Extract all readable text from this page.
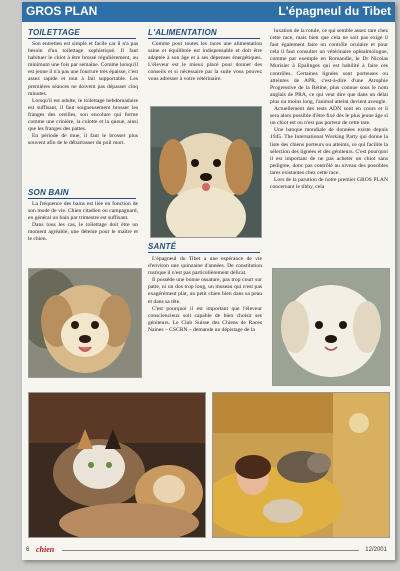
GROS PLAN	L'épagneul du Tibet
TOILETTAGE

Son entretien est simple et facile car il n'a pas besoin d'un toilettage sophistiqué. Il faut habituer le chiot à être brossé régulièrement, au minimum une fois par semaine. Comme lorsqu'il est jeune il n'a pas une fourrure très épaisse, c'est assez rapide et tout à fait supportable. Les premières séances ne doivent pas dépasser cinq minutes.

Lorsqu'il est adulte, le toilettage hebdomadaire est suffisant, il faut soigneusement brosser les franges des oreilles, son encolure qui forme comme une crinière, la culotte et la queue, ainsi que les franges des pattes.

En période de mue, il faut le brosser plus souvent afin de le débarrasser du poil mort.

SON BAIN

La fréquence des bains est liée en fonction de son mode de vie. Chien citadien ou campagnard, en général un bain par trimestre est suffisant.

Dans tous les cas, le toilettage doit être un moment agréable, une détente pour le maître et le chien.

L'ALIMENTATION

Comme pour toutes les races une alimentation saine et équilibrée est indispensable et doit être adaptée à son âge et à ses dépenses énergétiques. L'éleveur est le mieux placé pour donner des conseils et si nécessaire par la suite vous pouvez vous adresser à votre vétérinaire.

SANTÉ

L'épagneul du Tibet a une espérance de vie d'environ une quinzaine d'années. De constitution rustique il n'est pas particulièrement délicat.

Il possède une bonne ossature, pas trop court sur patte, ni un dos trop long, un museau qui n'est pas exagérément plat, un petit chien bien dans sa peau et dans sa tête.

C'est pourquoi il est important que l'éleveur consciencieux soit capable de bien choisir ses géniteurs. Le Club Suisse des Chiens de Races Naines – CSCRN – demande un dépistage de la

luxation de la rotule, ce qui semble assez rare chez cette race, mais bien que cela ne soit pas exigé il faut également faire un contrôle oculaire et pour cela il faut consulter un vétérinaire ophtalmologue, comme par exemple en Romandie, le Dr Nicolas Murisier à Epalinges qui est habilité à faire ces contrôles. Certaines lignées sont porteuses ou atteintes de APR, c'est-à-dire d'une Atrophie Progressive de la Rétine, plus connue sous le nom anglais de PRA, ce qui veut dire que dans un délai plus ou moins long, l'animal atteint devient aveugle.

Actuellement des tests ADN sont en cours et il sera alors possible d'être fixé dès le plus jeune âge si un chiot est ou n'est pas porteur de cette tare.

Une banque mondiale de données existe depuis 1945. The International Working Party qui donne la liste des chiens porteurs ou atteints, ce qui facilite la sélection des lignées et des géniteurs. C'est pourquoi il est important de ne pas acheter un chiot sans pedigree, donc pas contrôlé au niveau des possibles tares existantes chez cette race.

Lors de la parution de notre premier GROS PLAN concernant le tibby, cela

6 chien	12/2001
